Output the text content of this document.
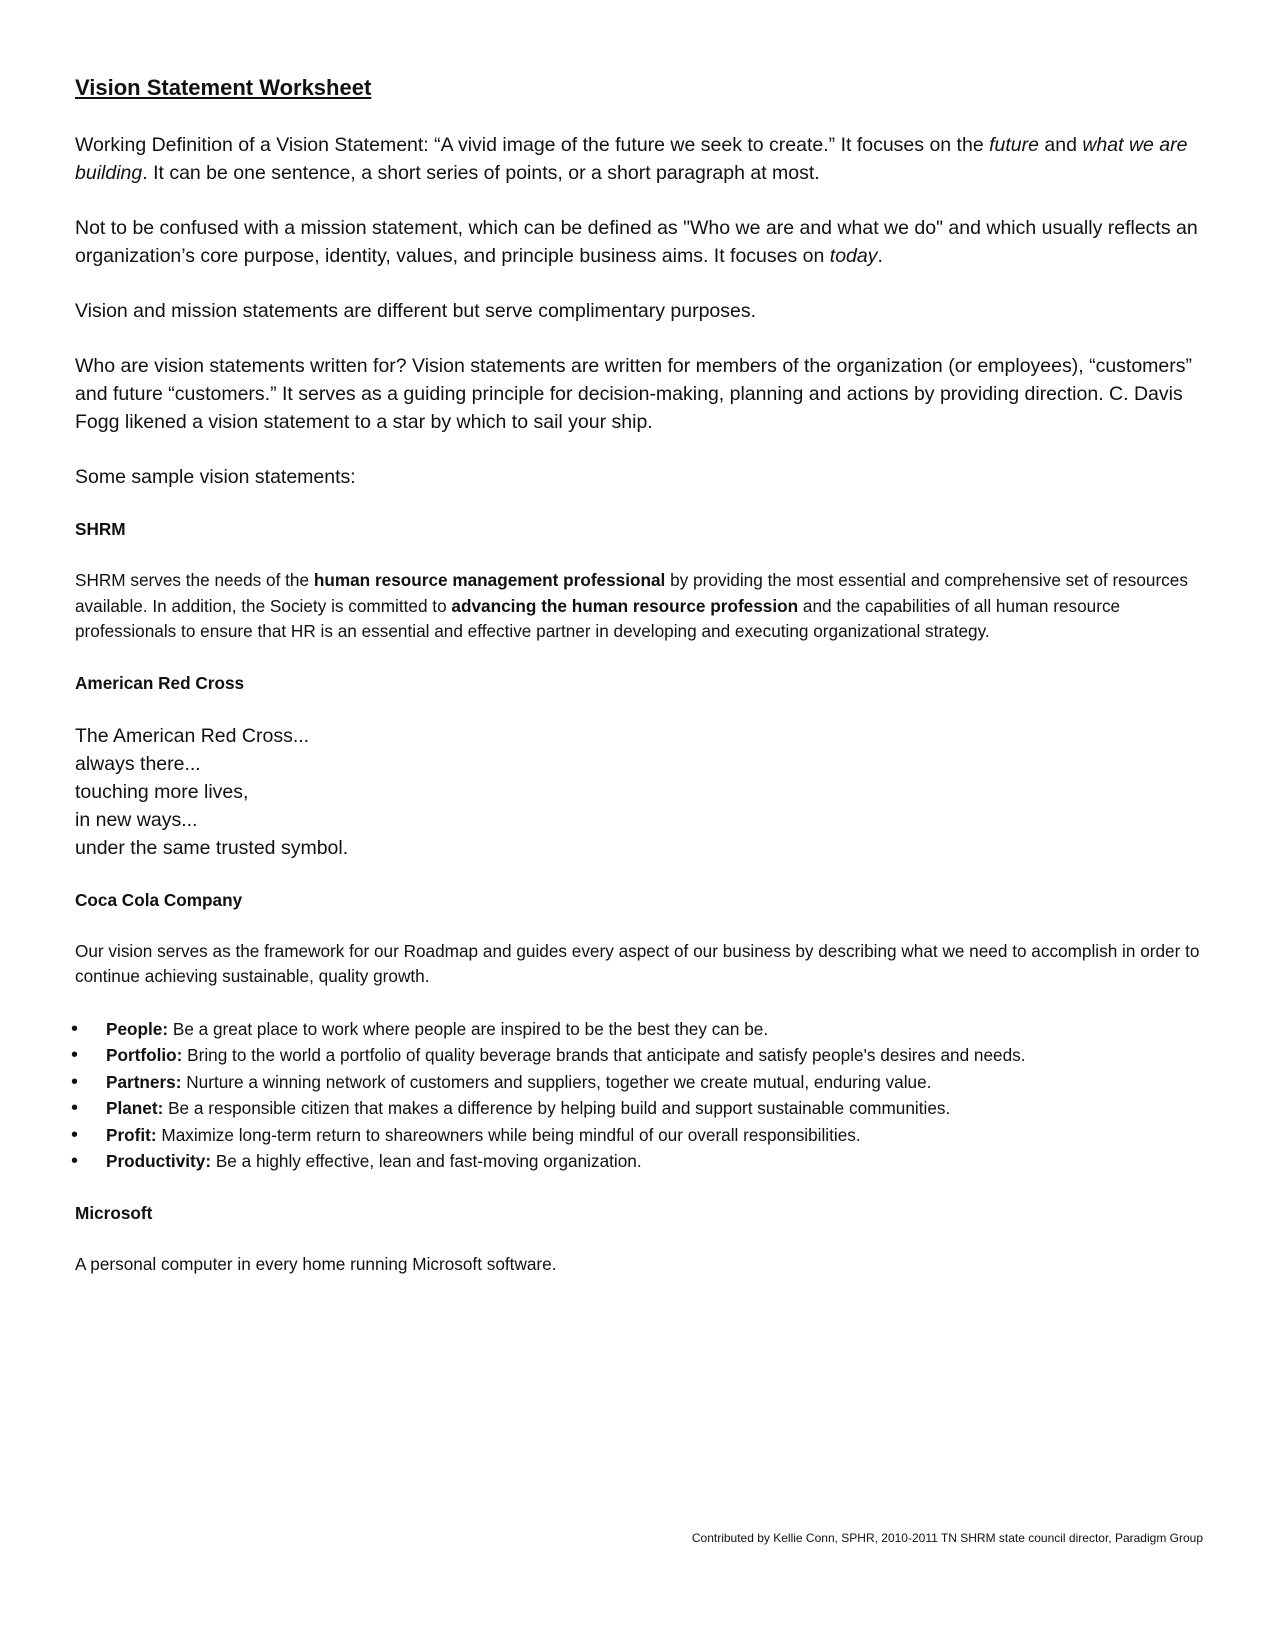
Vision Statement Worksheet

Working Definition of a Vision Statement: “A vivid image of the future we seek to create.” It focuses on the future and what we are building. It can be one sentence, a short series of points, or a short paragraph at most.

Not to be confused with a mission statement, which can be defined as "Who we are and what we do" and which usually reflects an organization’s core purpose, identity, values, and principle business aims. It focuses on today.

Vision and mission statements are different but serve complimentary purposes.

Who are vision statements written for? Vision statements are written for members of the organization (or employees), “customers” and future “customers.” It serves as a guiding principle for decision-making, planning and actions by providing direction. C. Davis Fogg likened a vision statement to a star by which to sail your ship.

Some sample vision statements:

SHRM

SHRM serves the needs of the human resource management professional by providing the most essential and comprehensive set of resources available. In addition, the Society is committed to advancing the human resource profession and the capabilities of all human resource professionals to ensure that HR is an essential and effective partner in developing and executing organizational strategy.

American Red Cross

The American Red Cross...
always there...
touching more lives,
in new ways...
under the same trusted symbol.

Coca Cola Company

Our vision serves as the framework for our Roadmap and guides every aspect of our business by describing what we need to accomplish in order to continue achieving sustainable, quality growth.

• People: Be a great place to work where people are inspired to be the best they can be.
• Portfolio: Bring to the world a portfolio of quality beverage brands that anticipate and satisfy people's desires and needs.
• Partners: Nurture a winning network of customers and suppliers, together we create mutual, enduring value.
• Planet: Be a responsible citizen that makes a difference by helping build and support sustainable communities.
• Profit: Maximize long-term return to shareowners while being mindful of our overall responsibilities.
• Productivity: Be a highly effective, lean and fast-moving organization.

Microsoft

A personal computer in every home running Microsoft software.

Contributed by Kellie Conn, SPHR, 2010-2011 TN SHRM state council director, Paradigm Group
